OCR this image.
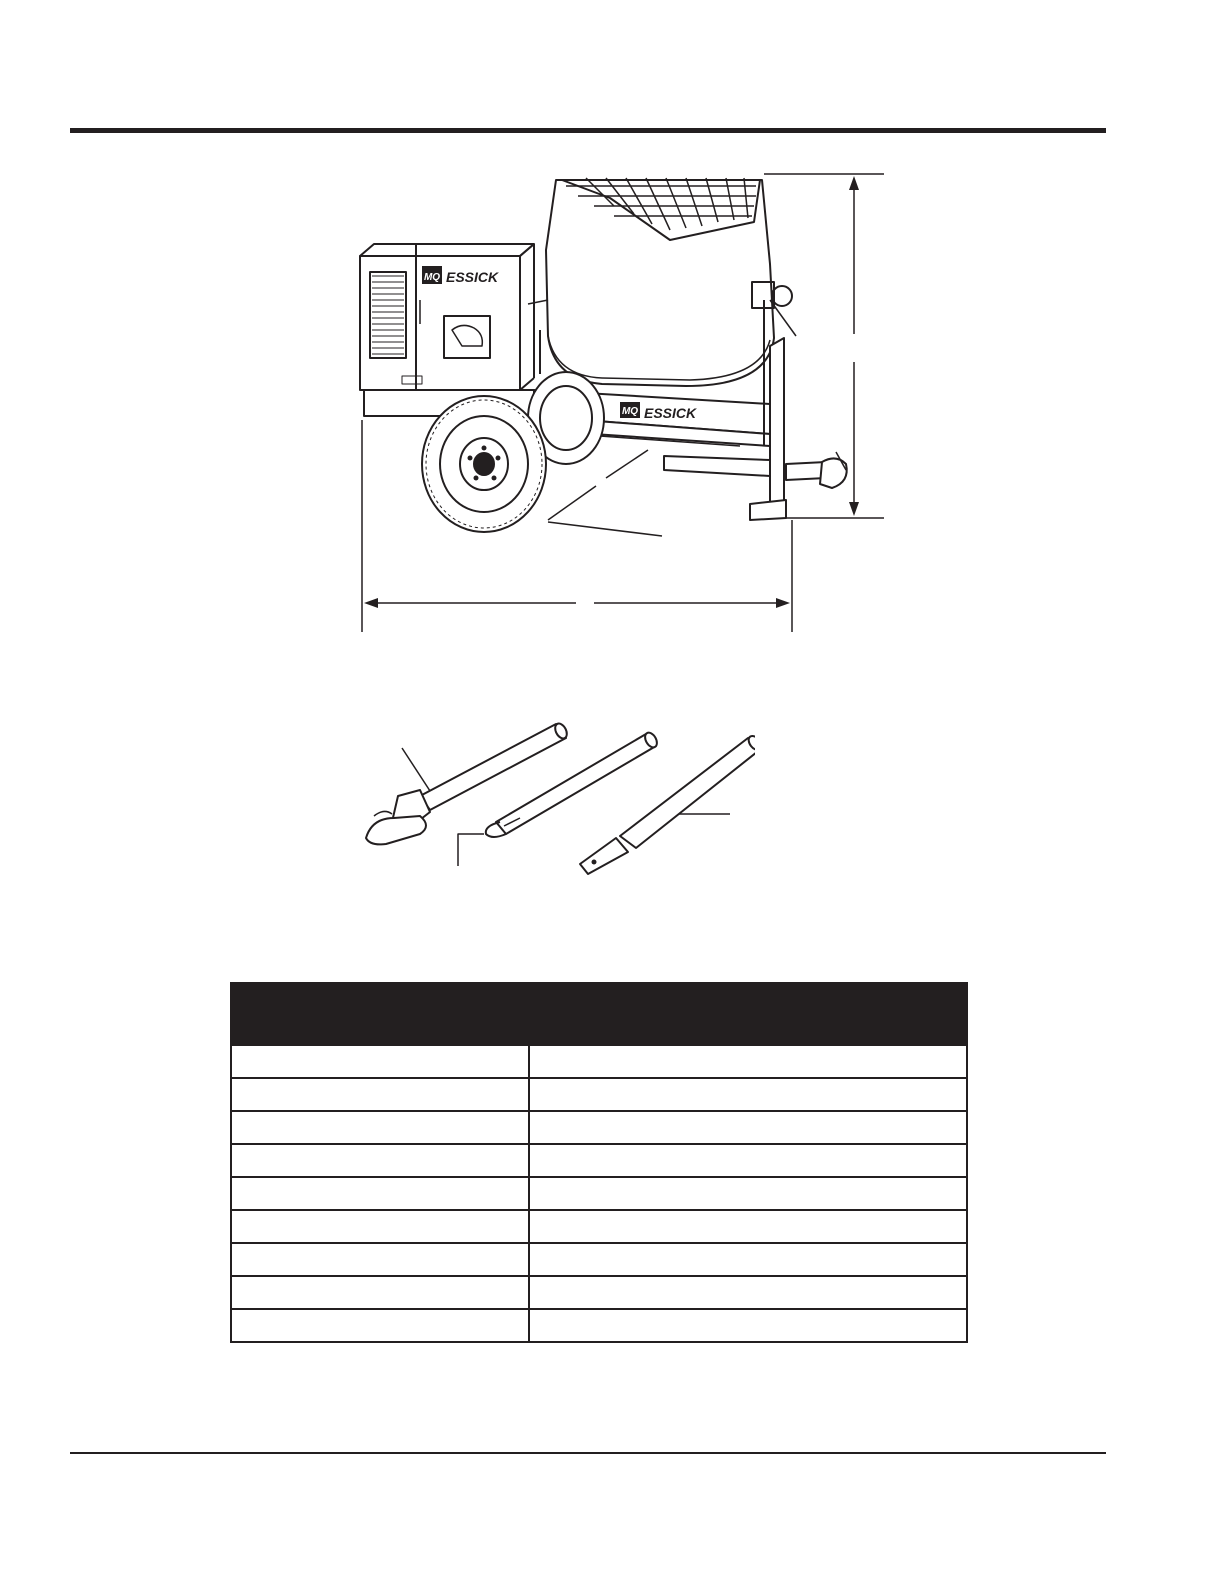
MQ ESSICK
MQ ESSICK
